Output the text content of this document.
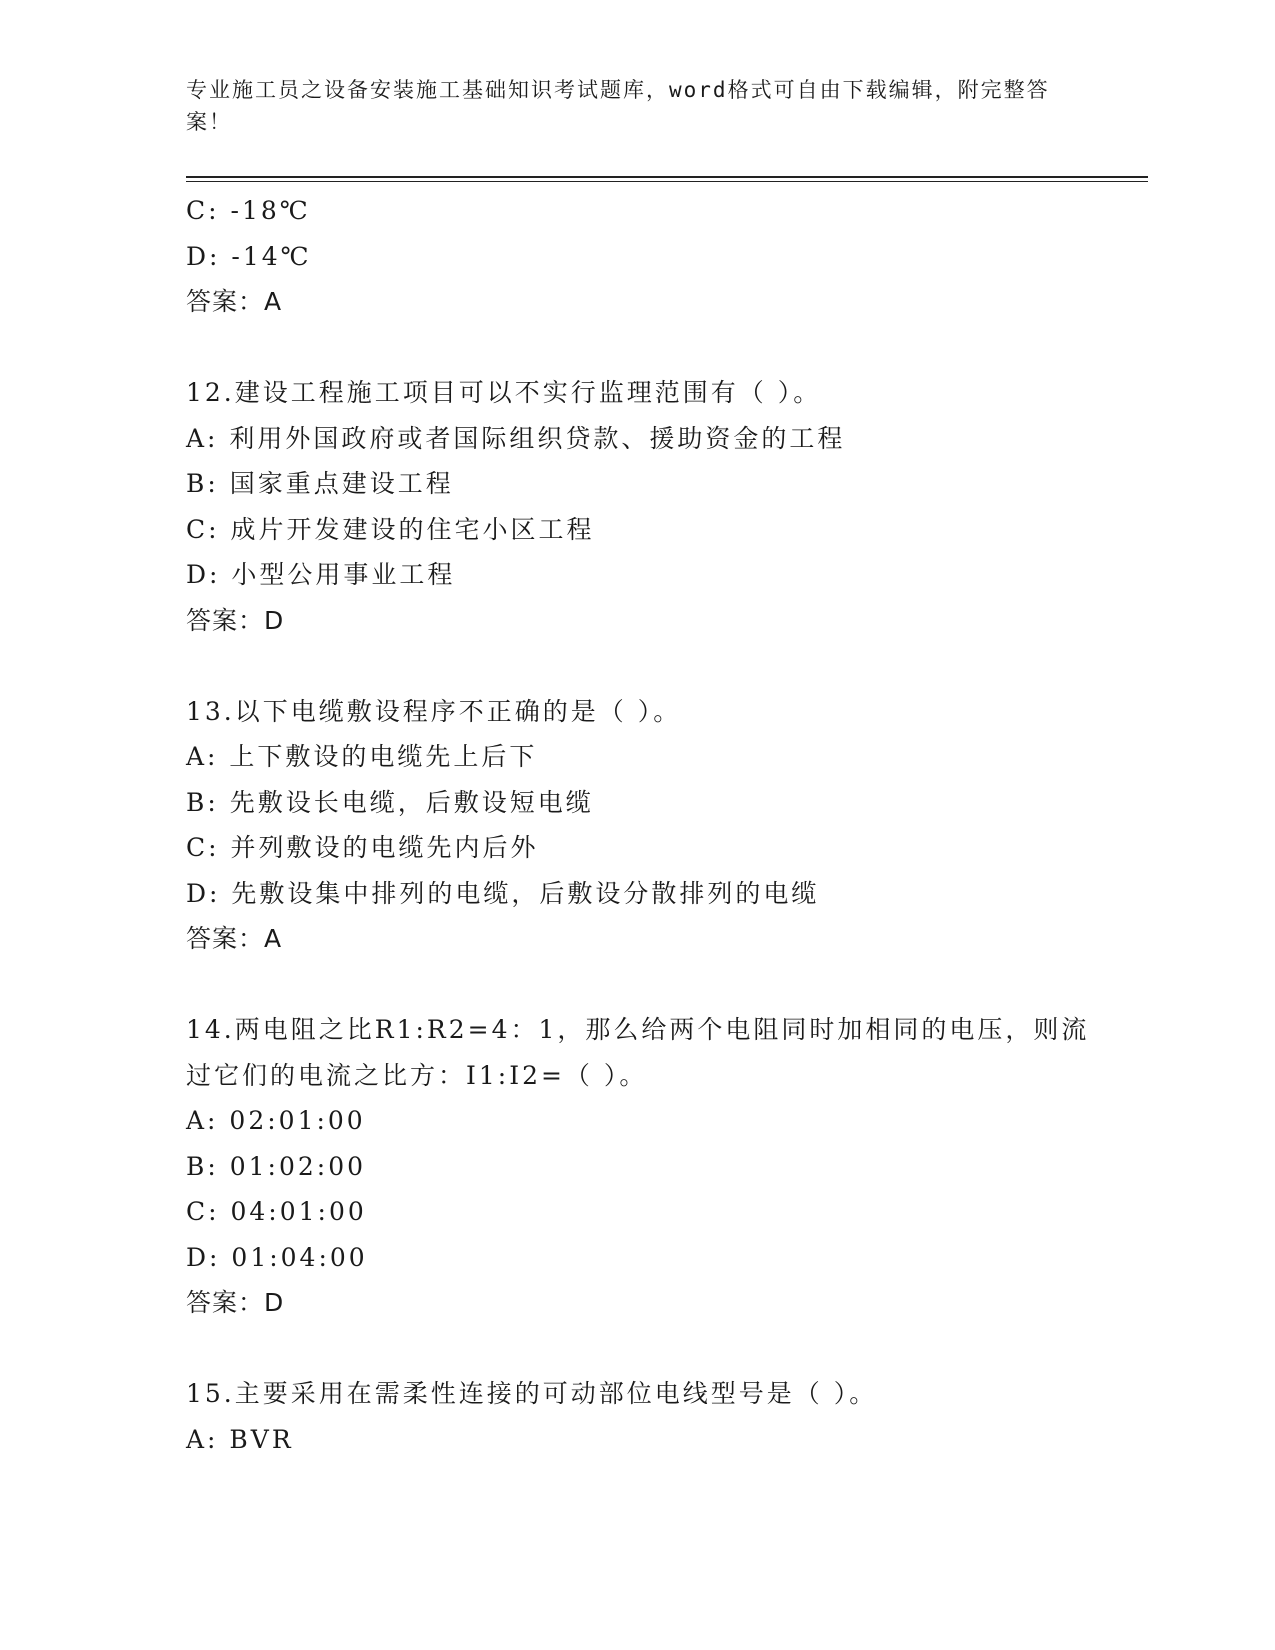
专业施工员之设备安装施工基础知识考试题库，word格式可自由下载编辑，附完整答案！
C: -18℃
D: -14℃
答案：A
12.建设工程施工项目可以不实行监理范围有（ ）。
A: 利用外国政府或者国际组织贷款、援助资金的工程
B: 国家重点建设工程
C: 成片开发建设的住宅小区工程
D: 小型公用事业工程
答案：D
13.以下电缆敷设程序不正确的是（ ）。
A: 上下敷设的电缆先上后下
B: 先敷设长电缆，后敷设短电缆
C: 并列敷设的电缆先内后外
D: 先敷设集中排列的电缆，后敷设分散排列的电缆
答案：A
14.两电阻之比R1:R2=4：1，那么给两个电阻同时加相同的电压，则流
过它们的电流之比方：I1:I2=（ ）。
A: 02:01:00
B: 01:02:00
C: 04:01:00
D: 01:04:00
答案：D
15.主要采用在需柔性连接的可动部位电线型号是（ ）。
A: BVR
